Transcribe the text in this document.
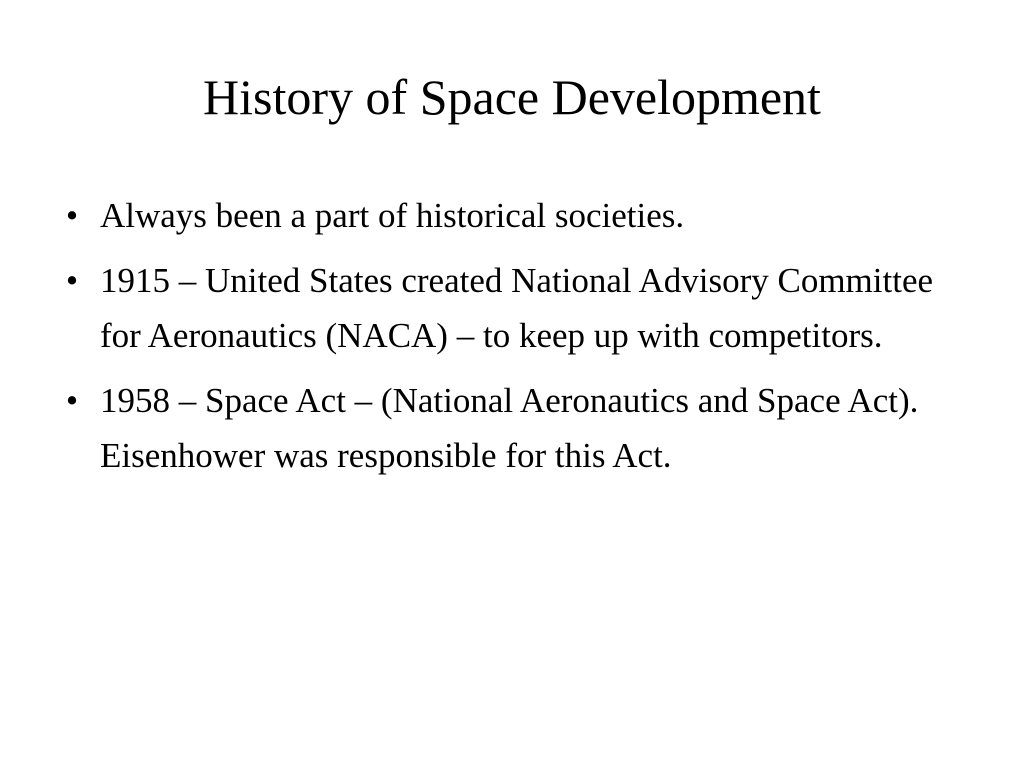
History of Space Development
• Always been a part of historical societies.
• 1915 – United States created National Advisory Committee for Aeronautics (NACA) – to keep up with competitors.
• 1958 – Space Act – (National Aeronautics and Space Act). Eisenhower was responsible for this Act.
